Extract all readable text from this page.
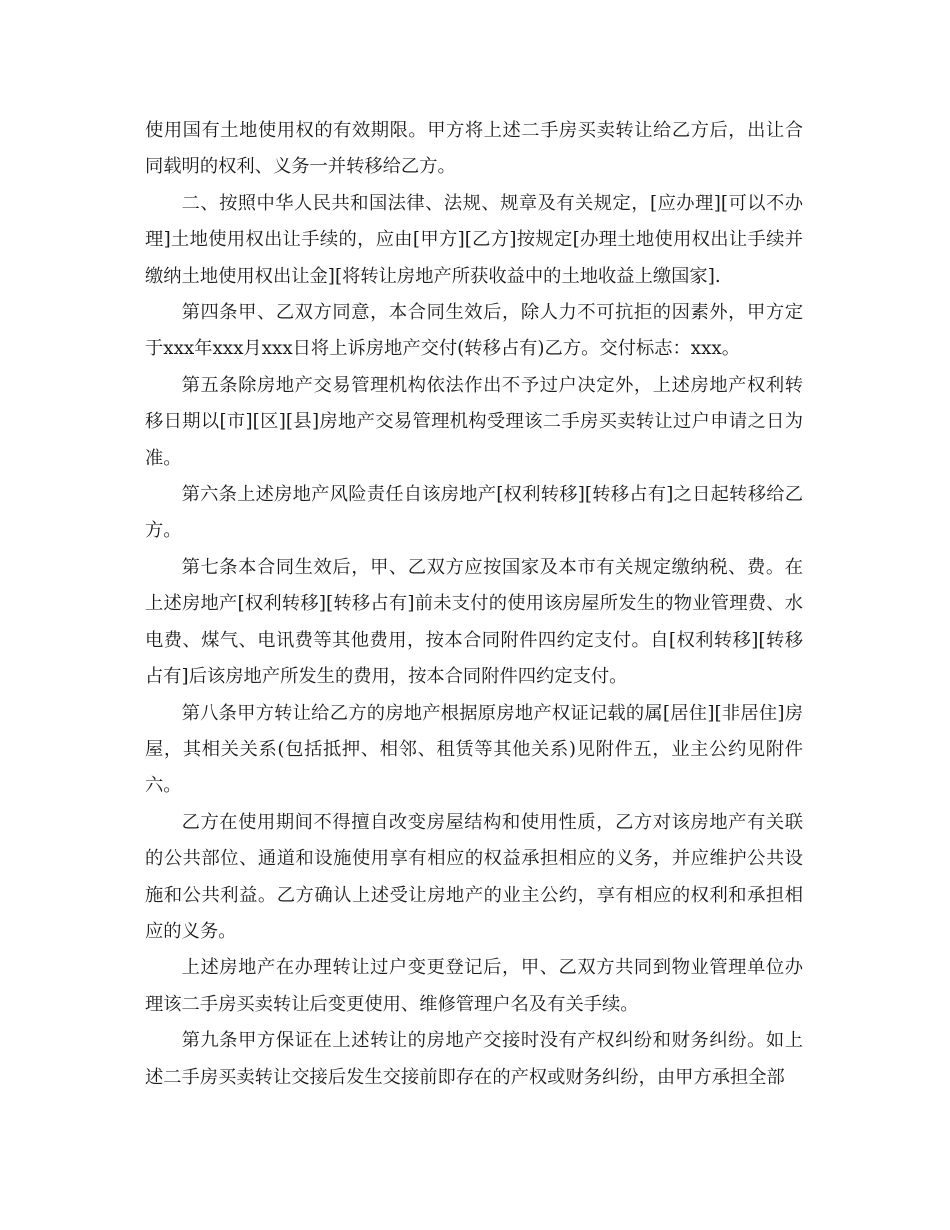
使用国有土地使用权的有效期限。甲方将上述二手房买卖转让给乙方后，出让合同载明的权利、义务一并转移给乙方。

二、按照中华人民共和国法律、法规、规章及有关规定，[应办理][可以不办理]土地使用权出让手续的，应由[甲方][乙方]按规定[办理土地使用权出让手续并缴纳土地使用权出让金][将转让房地产所获收益中的土地收益上缴国家].

第四条甲、乙双方同意，本合同生效后，除人力不可抗拒的因素外，甲方定于xxx年xxx月xxx日将上诉房地产交付(转移占有)乙方。交付标志：xxx。

第五条除房地产交易管理机构依法作出不予过户决定外，上述房地产权利转移日期以[市][区][县]房地产交易管理机构受理该二手房买卖转让过户申请之日为准。

第六条上述房地产风险责任自该房地产[权利转移][转移占有]之日起转移给乙方。

第七条本合同生效后，甲、乙双方应按国家及本市有关规定缴纳税、费。在上述房地产[权利转移][转移占有]前未支付的使用该房屋所发生的物业管理费、水电费、煤气、电讯费等其他费用，按本合同附件四约定支付。自[权利转移][转移占有]后该房地产所发生的费用，按本合同附件四约定支付。

第八条甲方转让给乙方的房地产根据原房地产权证记载的属[居住][非居住]房屋，其相关关系(包括抵押、相邻、租赁等其他关系)见附件五，业主公约见附件六。

乙方在使用期间不得擅自改变房屋结构和使用性质，乙方对该房地产有关联的公共部位、通道和设施使用享有相应的权益承担相应的义务，并应维护公共设施和公共利益。乙方确认上述受让房地产的业主公约，享有相应的权利和承担相应的义务。

上述房地产在办理转让过户变更登记后，甲、乙双方共同到物业管理单位办理该二手房买卖转让后变更使用、维修管理户名及有关手续。

第九条甲方保证在上述转让的房地产交接时没有产权纠纷和财务纠纷。如上述二手房买卖转让交接后发生交接前即存在的产权或财务纠纷，由甲方承担全部
